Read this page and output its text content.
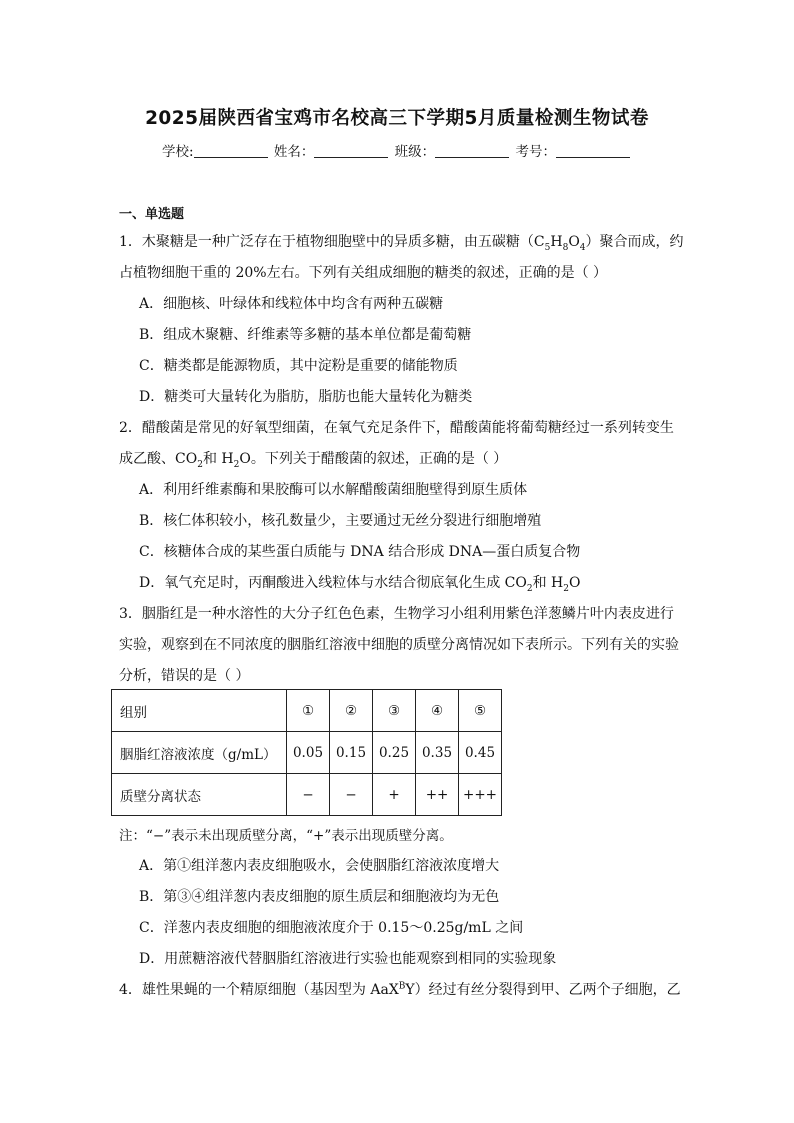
2025届陕西省宝鸡市名校高三下学期5月质量检测生物试卷
学校:	姓名：	班级：	考号：
一、单选题
1．木聚糖是一种广泛存在于植物细胞壁中的异质多糖，由五碳糖$(C_5H_8O_4)$聚合而成，约
占植物细胞干重的 20%左右。下列有关组成细胞的糖类的叙述，正确的是（ ）
A．细胞核、叶绿体和线粒体中均含有两种五碳糖
B．组成木聚糖、纤维素等多糖的基本单位都是葡萄糖
C．糖类都是能源物质，其中淀粉是重要的储能物质
D．糖类可大量转化为脂肪，脂肪也能大量转化为糖类
2．醋酸菌是常见的好氧型细菌，在氧气充足条件下，醋酸菌能将葡萄糖经过一系列转变生
成乙酸、$CO_2$和 $H_2O$。下列关于醋酸菌的叙述，正确的是（ ）
A．利用纤维素酶和果胶酶可以水解醋酸菌细胞壁得到原生质体
B．核仁体积较小，核孔数量少，主要通过无丝分裂进行细胞增殖
C．核糖体合成的某些蛋白质能与 DNA 结合形成 DNA—蛋白质复合物
D．氧气充足时，丙酮酸进入线粒体与水结合彻底氧化生成 $CO_2$和 $H_2O$
3．胭脂红是一种水溶性的大分子红色色素，生物学习小组利用紫色洋葱鳞片叶内表皮进行
实验，观察到在不同浓度的胭脂红溶液中细胞的质壁分离情况如下表所示。下列有关的实验
分析，错误的是（ ）
组别	①	②	③	④	⑤
胭脂红溶液浓度（g/mL）	0.05	0.15	0.25	0.35	0.45
质壁分离状态	−	−	+	++	+++
注：“−”表示未出现质壁分离，“+”表示出现质壁分离。
A．第①组洋葱内表皮细胞吸水，会使胭脂红溶液浓度增大
B．第③④组洋葱内表皮细胞的原生质层和细胞液均为无色
C．洋葱内表皮细胞的细胞液浓度介于 0.15～0.25g/mL 之间
D．用蔗糖溶液代替胭脂红溶液进行实验也能观察到相同的实验现象
4．雄性果蝇的一个精原细胞（基因型为 AaX$^B$Y）经过有丝分裂得到甲、乙两个子细胞，乙
